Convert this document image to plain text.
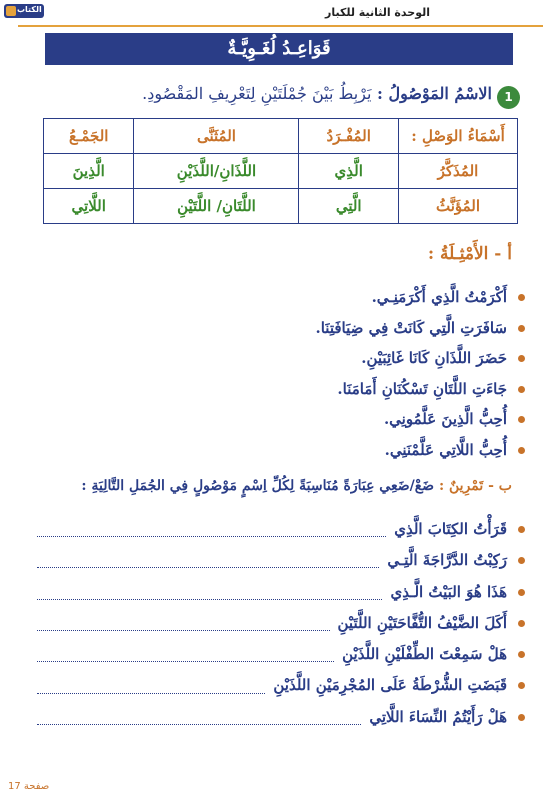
الكتاب	الوحدة الثانية للكبار
قَوَاعِـدُ لُغَـوِيَّـةٌ
1
الاسْمُ المَوْصُولُ : يَرْبِطُ بَيْنَ جُمْلَتَيْنِ لِتَعْرِيفِ المَقْصُودِ.
أَسْمَاءُ الوَصْلِ :	المُفْـرَدُ	المُثَنَّى	الجَمْـعُ
المُذَكَّرُ	الَّذِي	اللَّذَانِ/اللَّذَيْنِ	الَّذِينَ
المُؤَنَّثُ	الَّتِي	اللَّتَانِ/ اللَّتَيْنِ	اللَّاتِي
أ - الأَمْثِـلَةُ :
أَكْرَمْتُ الَّذِي أَكْرَمَنِـي.
سَافَرَتِ الَّتِي كَانَتْ فِي ضِيَافَتِنَا.
حَضَرَ اللَّذَانِ كَانَا غَائِبَيْنِ.
جَاءَتِ اللَّتَانِ تَسْكُنَانِ أَمَامَنَا.
أُحِبُّ الَّذِينَ عَلَّمُونِي.
أُحِبُّ اللَّاتِي عَلَّمْنَنِي.
ب - تَمْرِينٌ : ضَعْ/ضَعِي عِبَارَةً مُنَاسِبَةً لِكُلِّ اِسْمٍ مَوْصُولٍ فِي الجُمَلِ التَّالِيَةِ :
قَرَأْتُ الكِتَابَ الَّذِي
رَكِبْتُ الدَّرَّاجَةَ الَّتِـي
هَذَا هُوَ البَيْتُ الَّـذِي
أَكَلَ الضَّيْفُ التُّفَّاحَتَيْنِ اللَّتَيْنِ
هَلْ سَمِعْتَ الطِّفْلَيْنِ اللَّذَيْنِ
قَبَضَتِ الشُّرْطَةُ عَلَى المُجْرِمَيْنِ اللَّذَيْنِ
هَلْ رَأَيْتُمُ النِّسَاءَ اللَّاتِي
صفحة 17
